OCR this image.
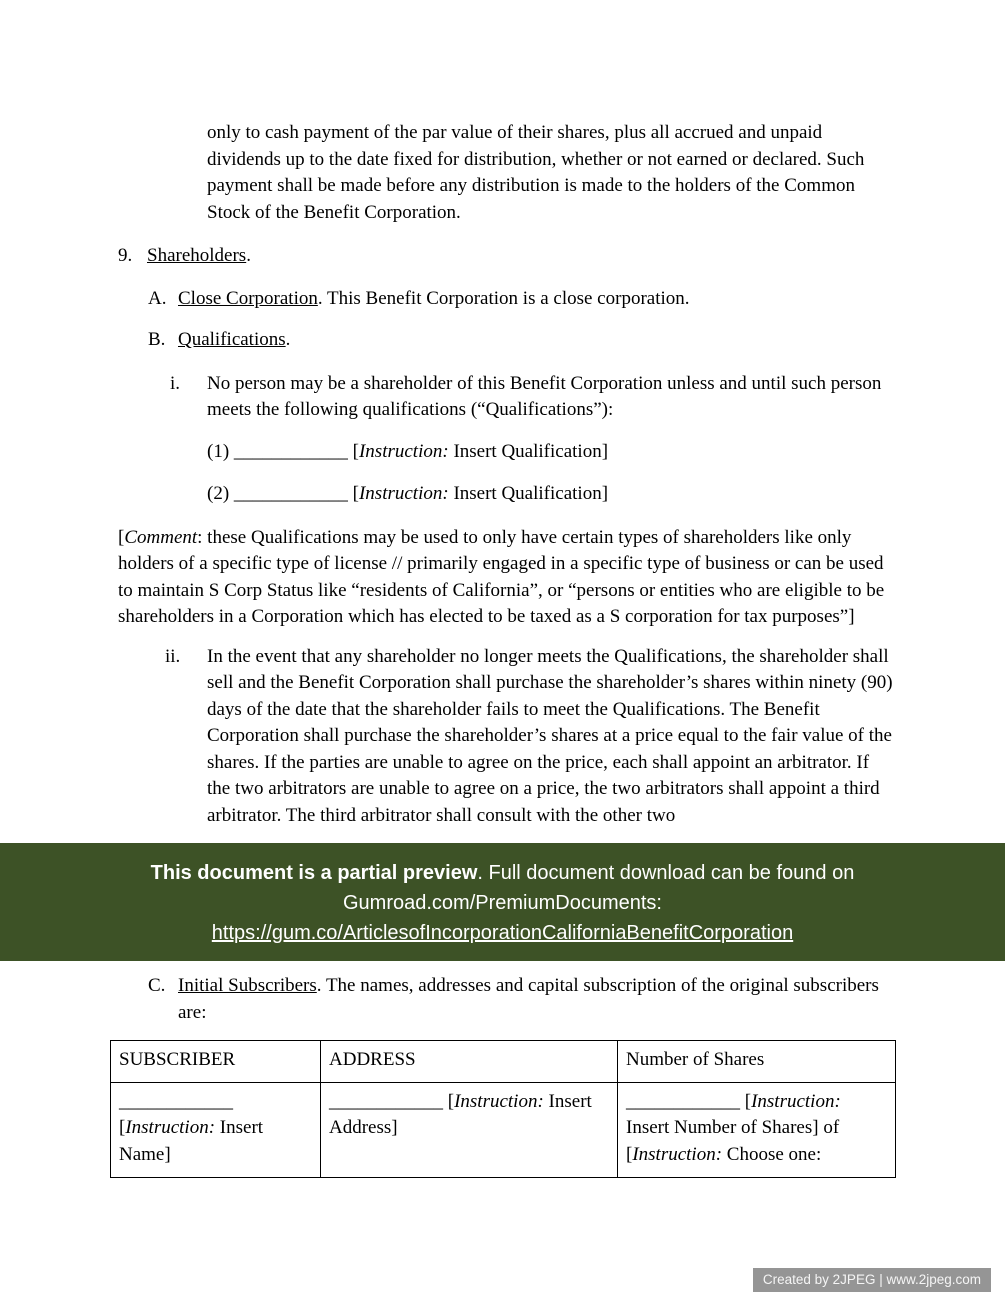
only to cash payment of the par value of their shares, plus all accrued and unpaid dividends up to the date fixed for distribution, whether or not earned or declared. Such payment shall be made before any distribution is made to the holders of the Common Stock of the Benefit Corporation.

9. Shareholders.

A. Close Corporation. This Benefit Corporation is a close corporation.

B. Qualifications.

i.	No person may be a shareholder of this Benefit Corporation unless and until such person meets the following qualifications (“Qualifications”):

(1) ____________ [Instruction: Insert Qualification]

(2) ____________ [Instruction: Insert Qualification]

[Comment: these Qualifications may be used to only have certain types of shareholders like only holders of a specific type of license // primarily engaged in a specific type of business or can be used to maintain S Corp Status like “residents of California”, or “persons or entities who are eligible to be shareholders in a Corporation which has elected to be taxed as a S corporation for tax purposes”]

ii.	In the event that any shareholder no longer meets the Qualifications, the shareholder shall sell and the Benefit Corporation shall purchase the shareholder’s shares within ninety (90) days of the date that the shareholder fails to meet the Qualifications. The Benefit Corporation shall purchase the shareholder’s shares at a price equal to the fair value of the shares. If the parties are unable to agree on the price, each shall appoint an arbitrator. If the two arbitrators are unable to agree on a price, the two arbitrators shall appoint a third arbitrator. The third arbitrator shall consult with the other two

This document is a partial preview. Full document download can be found on
Gumroad.com/PremiumDocuments:
https://gum.co/ArticlesofIncorporationCaliforniaBenefitCorporation
C. Initial Subscribers. The names, addresses and capital subscription of the original subscribers are:

SUBSCRIBER	ADDRESS	Number of Shares
____________ [Instruction: Insert Name]	____________ [Instruction: Insert Address]	____________ [Instruction: Insert Number of Shares] of [Instruction: Choose one:
Created by 2JPEG | www.2jpeg.com
